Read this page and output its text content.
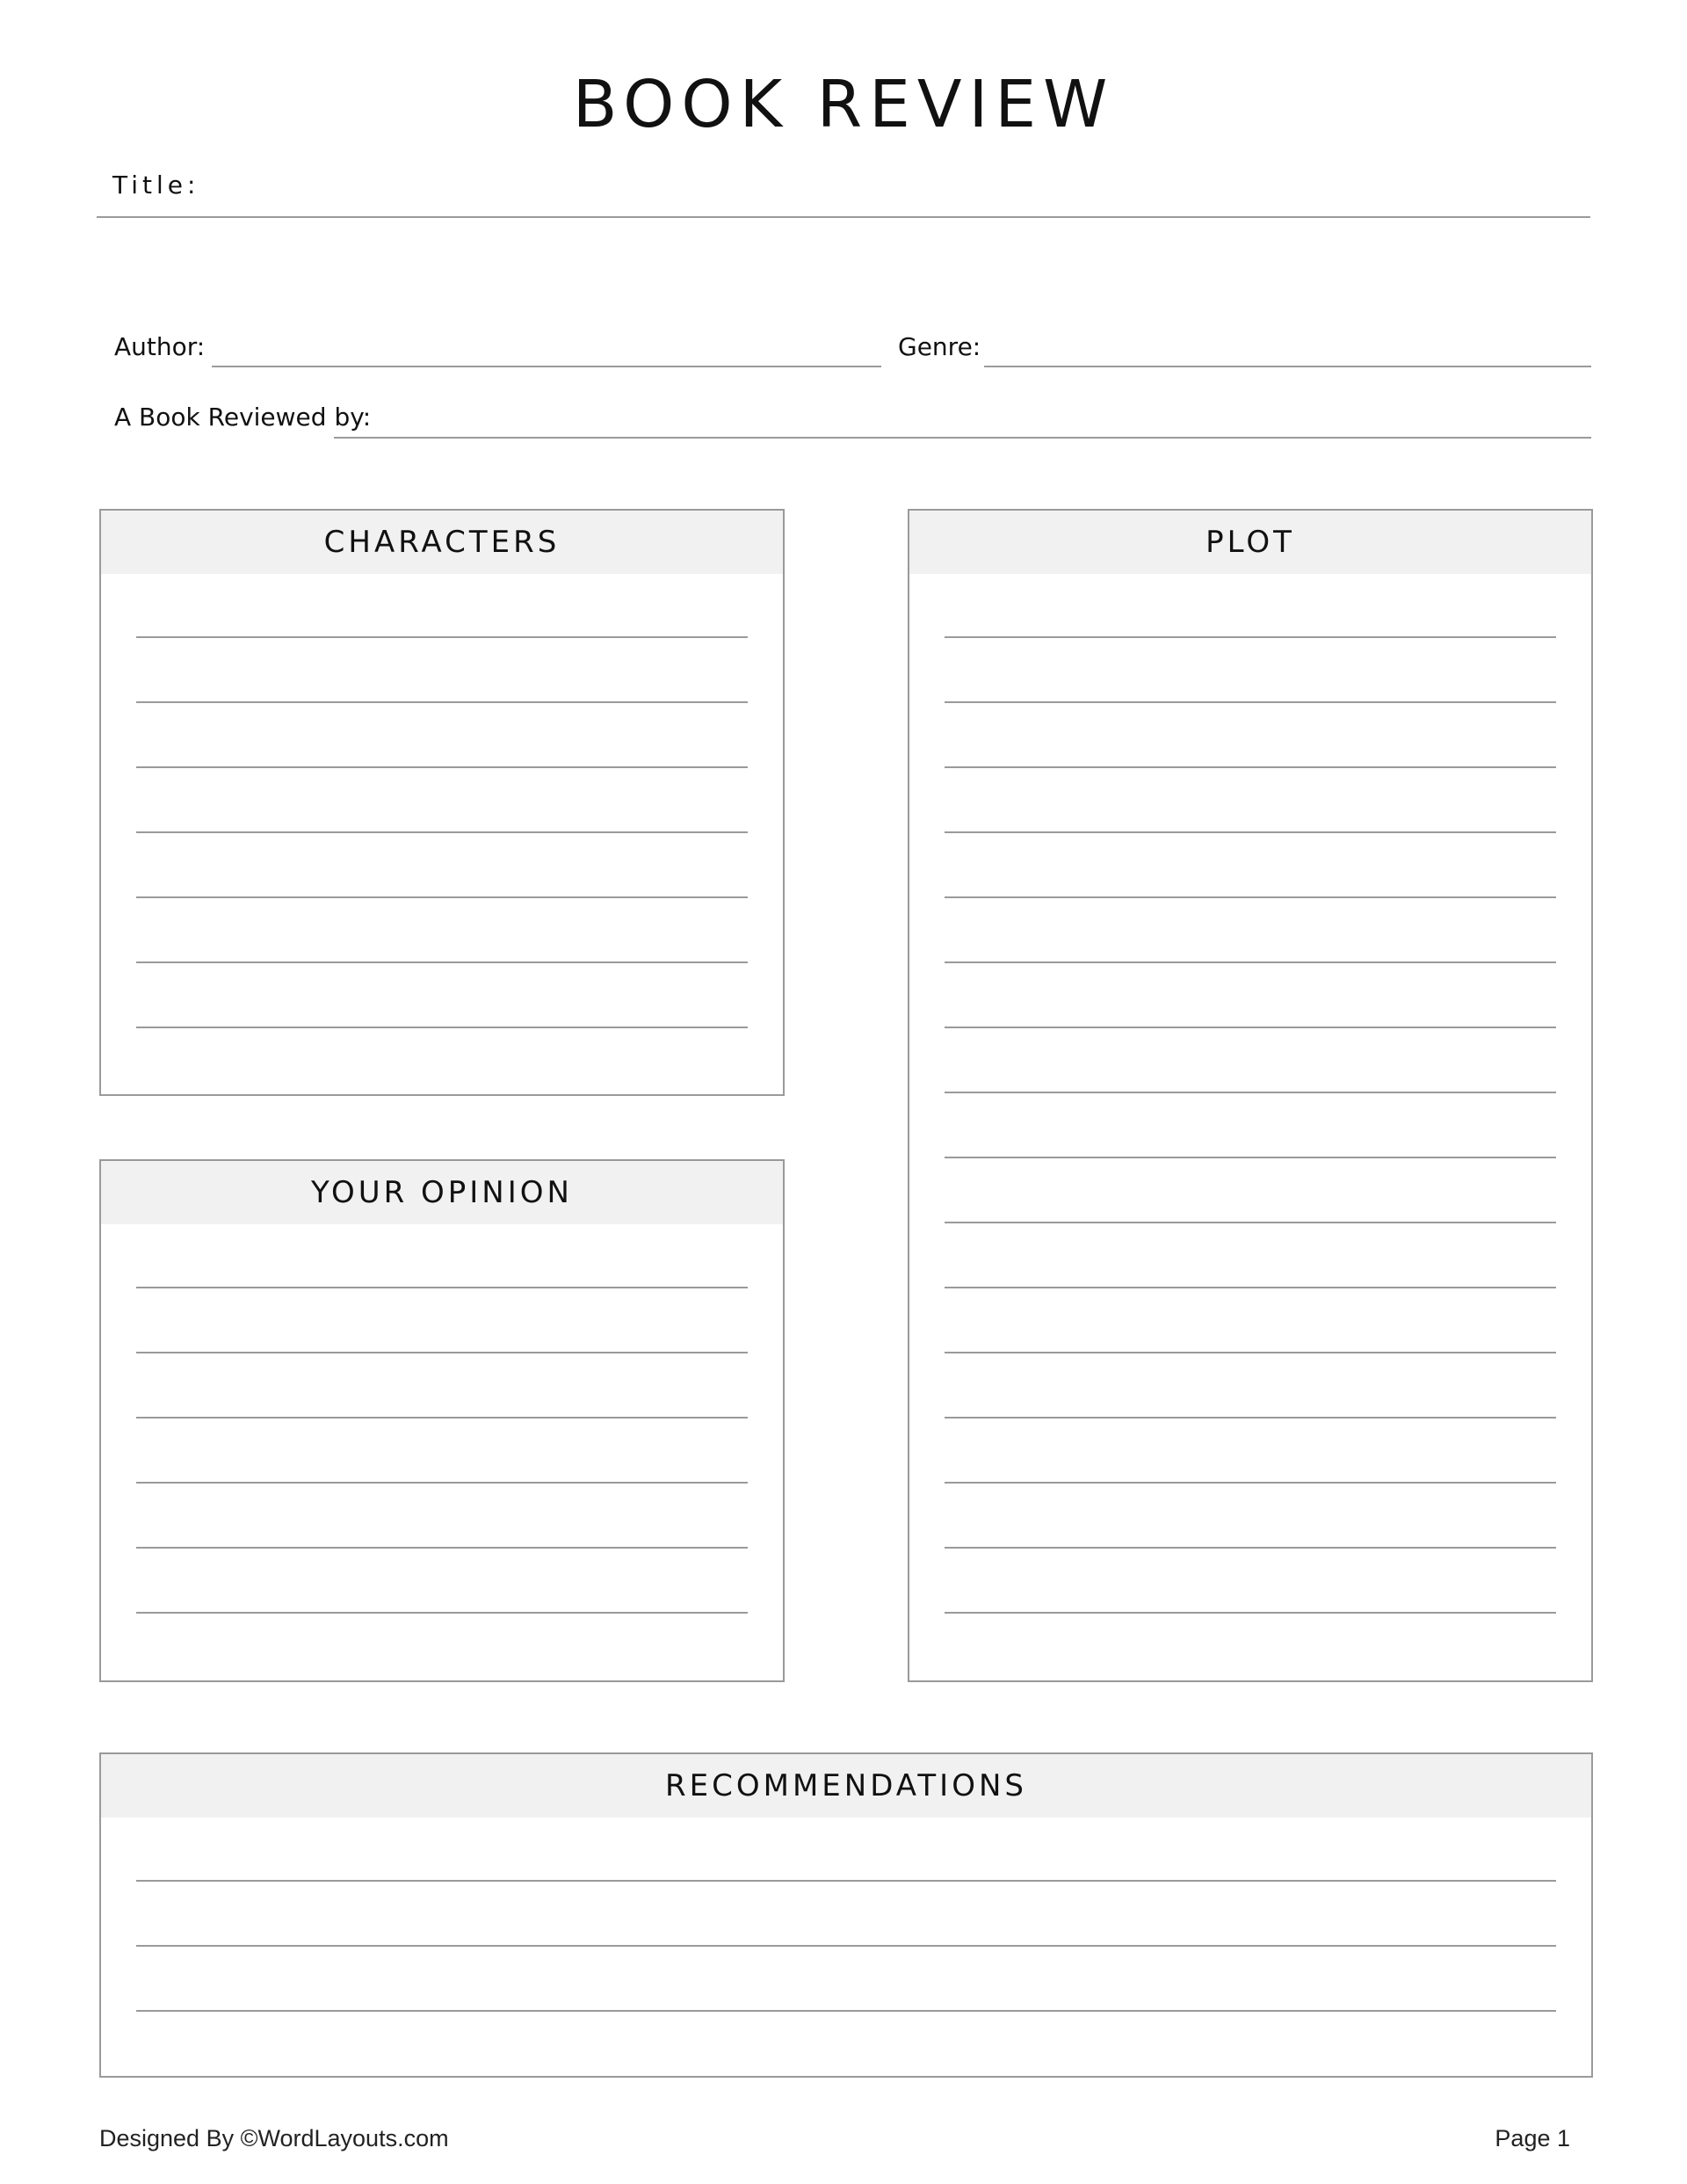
BOOK REVIEW
Title:
Author:	Genre:
A Book Reviewed by:
CHARACTERS	PLOT
YOUR OPINION
RECOMMENDATIONS
Designed By ©WordLayouts.com	Page 1
